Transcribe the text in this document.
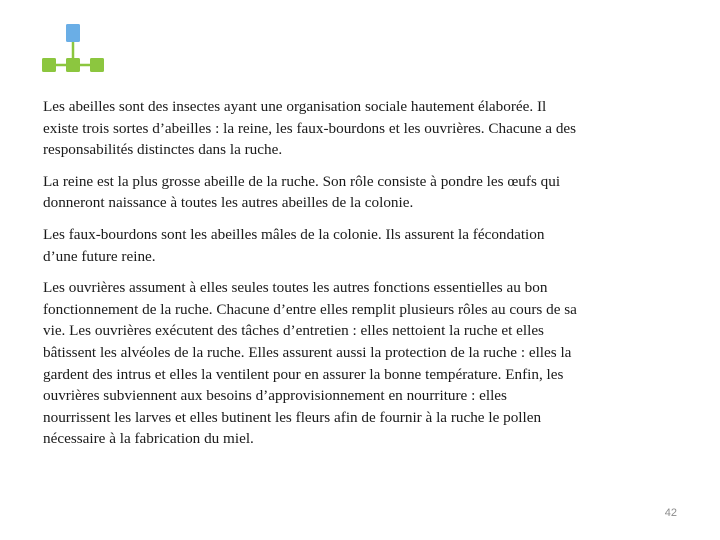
Les abeilles sont des insectes ayant une organisation sociale hautement élaborée. Il
existe trois sortes d’abeilles : la reine, les faux-bourdons et les ouvrières. Chacune a des
responsabilités distinctes dans la ruche.

La reine est la plus grosse abeille de la ruche. Son rôle consiste à pondre les œufs qui
donneront naissance à toutes les autres abeilles de la colonie.

Les faux-bourdons sont les abeilles mâles de la colonie. Ils assurent la fécondation
d’une future reine.

Les ouvrières assument à elles seules toutes les autres fonctions essentielles au bon
fonctionnement de la ruche. Chacune d’entre elles remplit plusieurs rôles au cours de sa
vie. Les ouvrières exécutent des tâches d’entretien : elles nettoient la ruche et elles
bâtissent les alvéoles de la ruche. Elles assurent aussi la protection de la ruche : elles la
gardent des intrus et elles la ventilent pour en assurer la bonne température. Enfin, les
ouvrières subviennent aux besoins d’approvisionnement en nourriture : elles
nourrissent les larves et elles butinent les fleurs afin de fournir à la ruche le pollen
nécessaire à la fabrication du miel.

42
